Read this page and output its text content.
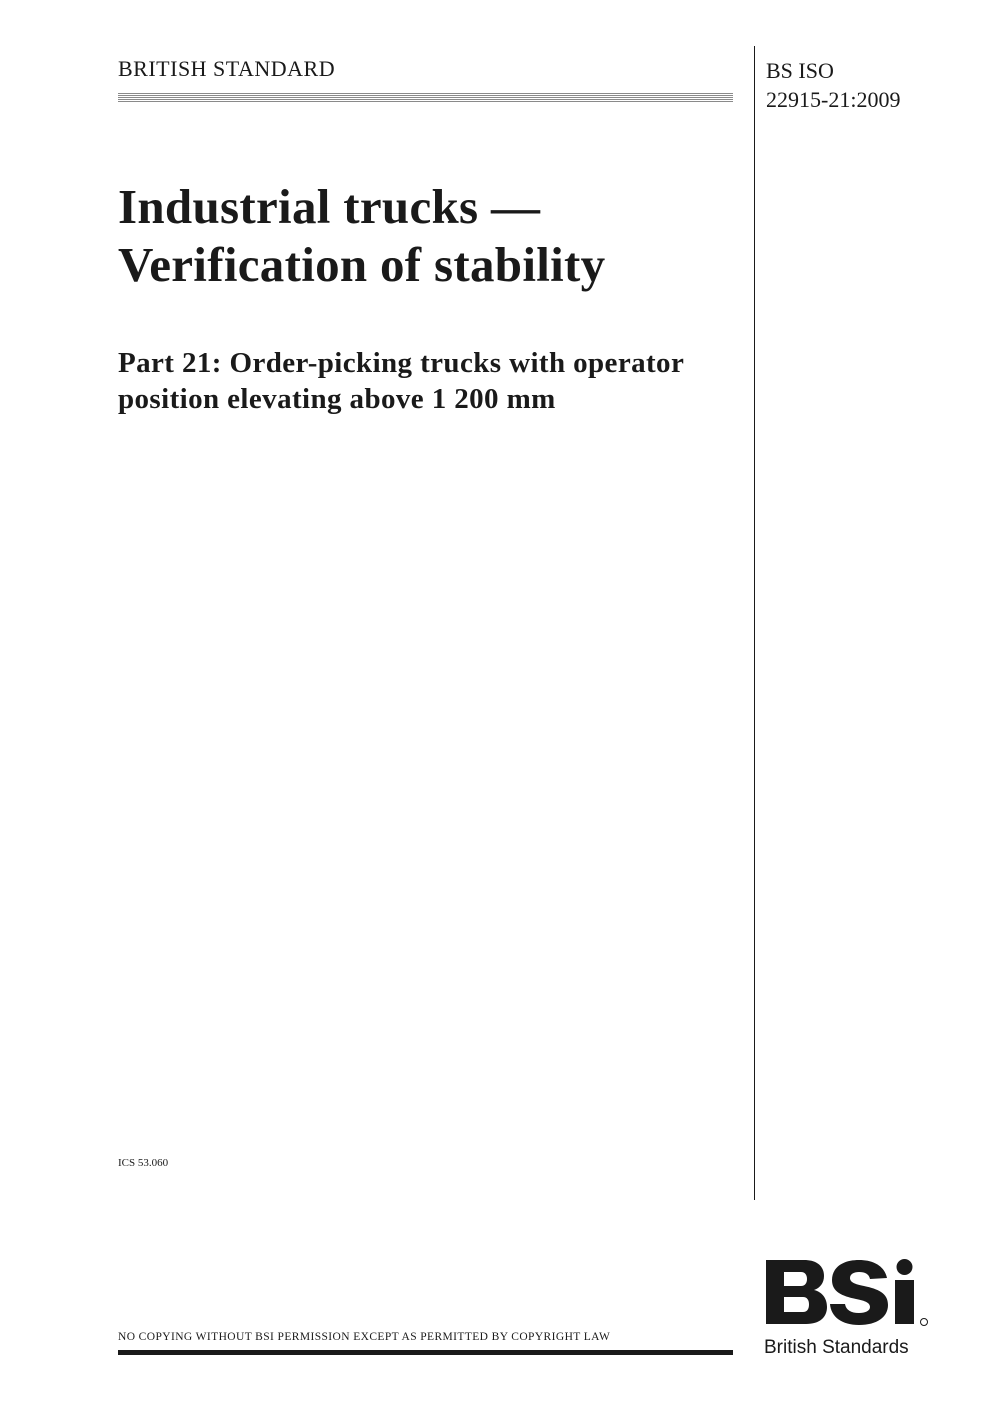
BRITISH STANDARD	BS ISO
22915-21:2009
Industrial trucks —
Verification of stability
Part 21: Order-picking trucks with operator position elevating above 1 200 mm
ICS 53.060
NO COPYING WITHOUT BSI PERMISSION EXCEPT AS PERMITTED BY COPYRIGHT LAW
BSi
British Standards
